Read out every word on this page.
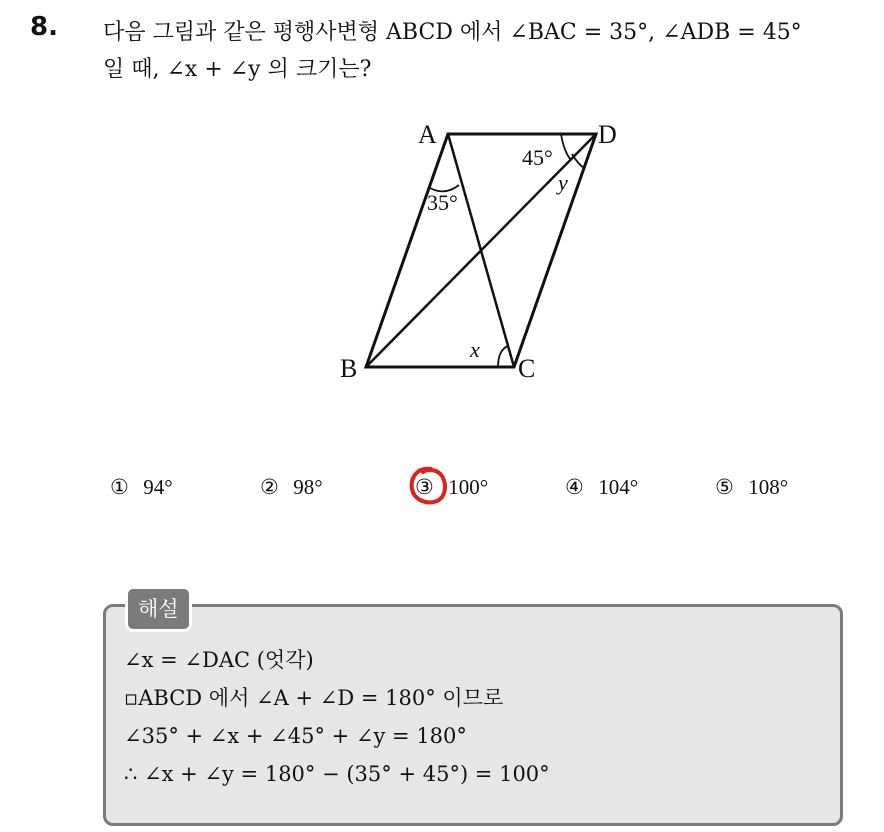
8. 다음 그림과 같은 평행사변형 ABCD 에서 ∠BAC = 35°, ∠ADB = 45°
일 때, ∠x + ∠y 의 크기는?
A	D
B	C
35°
45°
y
x
① 94°	② 98°	③ 100°	④ 104°	⑤ 108°
해설
∠x = ∠DAC (엇각)
▫ABCD 에서 ∠A + ∠D = 180° 이므로
∠35° + ∠x + ∠45° + ∠y = 180°
∴ ∠x + ∠y = 180° − (35° + 45°) = 100°
